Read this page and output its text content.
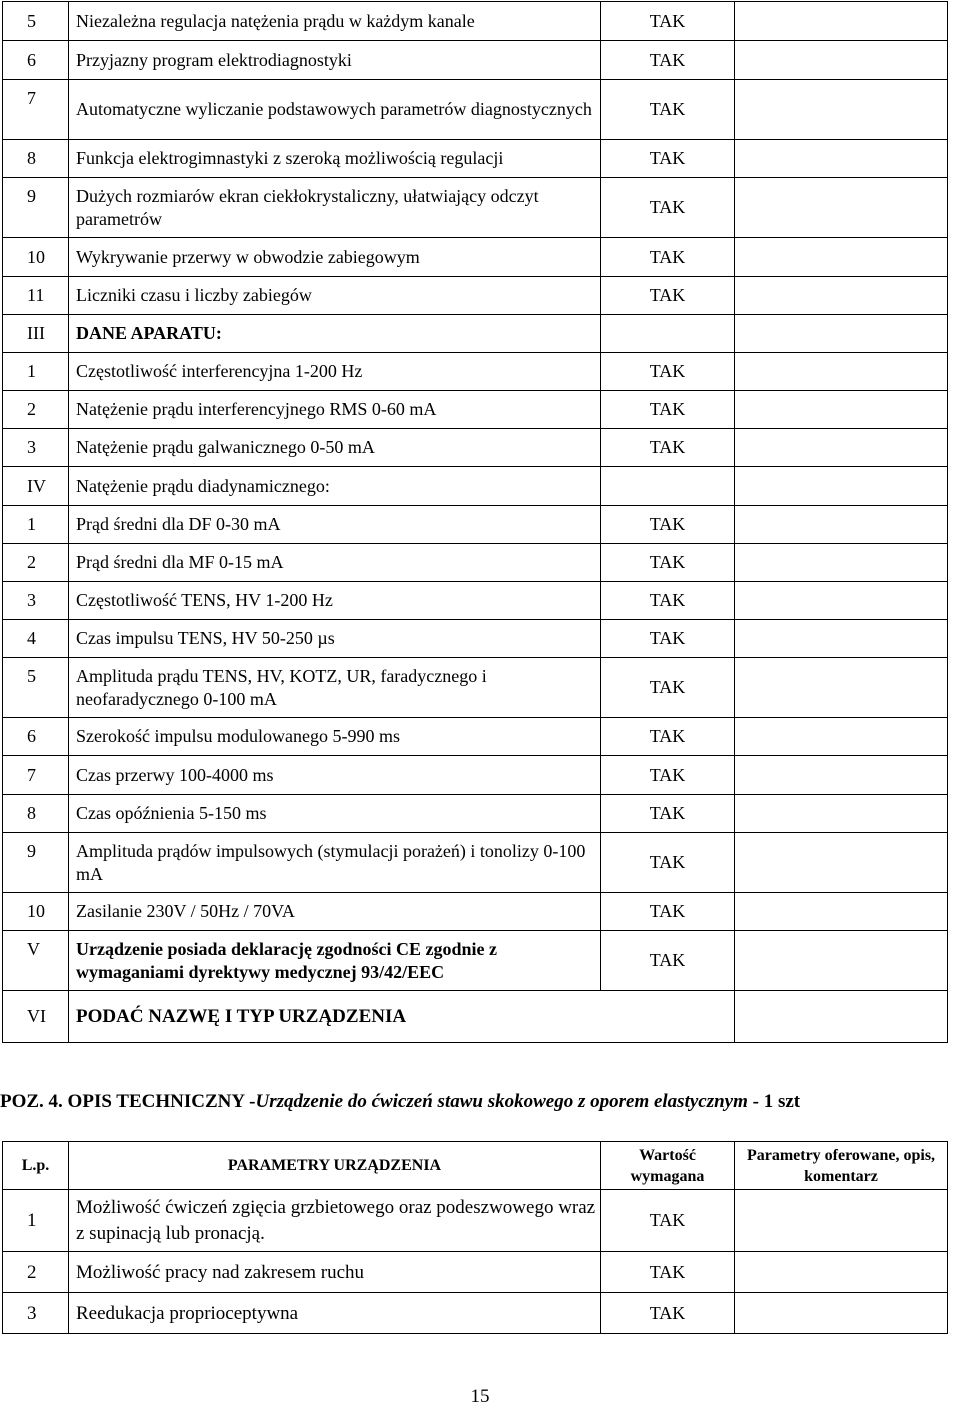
5	Niezależna regulacja natężenia prądu w każdym kanale	TAK	
6	Przyjazny program elektrodiagnostyki	TAK	
7	Automatyczne wyliczanie podstawowych parametrów diagnostycznych	TAK	
8	Funkcja elektrogimnastyki z szeroką możliwością regulacji	TAK	
9	Dużych rozmiarów ekran ciekłokrystaliczny, ułatwiający odczyt parametrów	TAK	
10	Wykrywanie przerwy w obwodzie zabiegowym	TAK	
11	Liczniki czasu i liczby zabiegów	TAK	
III	DANE APARATU:		
1	Częstotliwość interferencyjna 1-200 Hz	TAK	
2	Natężenie prądu interferencyjnego RMS 0-60 mA	TAK	
3	Natężenie prądu galwanicznego 0-50 mA	TAK	
IV	Natężenie prądu diadynamicznego:		
1	Prąd średni dla DF 0-30 mA	TAK	
2	Prąd średni dla MF 0-15 mA	TAK	
3	Częstotliwość TENS, HV 1-200 Hz	TAK	
4	Czas impulsu TENS, HV 50-250 µs	TAK	
5	Amplituda prądu TENS, HV, KOTZ, UR, faradycznego i neofaradycznego 0-100 mA	TAK	
6	Szerokość impulsu modulowanego 5-990 ms	TAK	
7	Czas przerwy 100-4000 ms	TAK	
8	Czas opóźnienia 5-150 ms	TAK	
9	Amplituda prądów impulsowych (stymulacji porażeń) i tonolizy 0-100 mA	TAK	
10	Zasilanie 230V / 50Hz / 70VA	TAK	
V	Urządzenie posiada deklarację zgodności CE zgodnie z wymaganiami dyrektywy medycznej 93/42/EEC	TAK	
VI	PODAĆ NAZWĘ I TYP URZĄDZENIA		
POZ. 4. OPIS TECHNICZNY -Urządzenie do ćwiczeń stawu skokowego z oporem elastycznym - 1 szt
L.p.	PARAMETRY URZĄDZENIA	Wartość wymagana	Parametry oferowane, opis, komentarz
1	Możliwość ćwiczeń zgięcia grzbietowego oraz podeszwowego wraz z supinacją lub pronacją.	TAK	
2	Możliwość pracy nad zakresem ruchu	TAK	
3	Reedukacja proprioceptywna	TAK	
15
